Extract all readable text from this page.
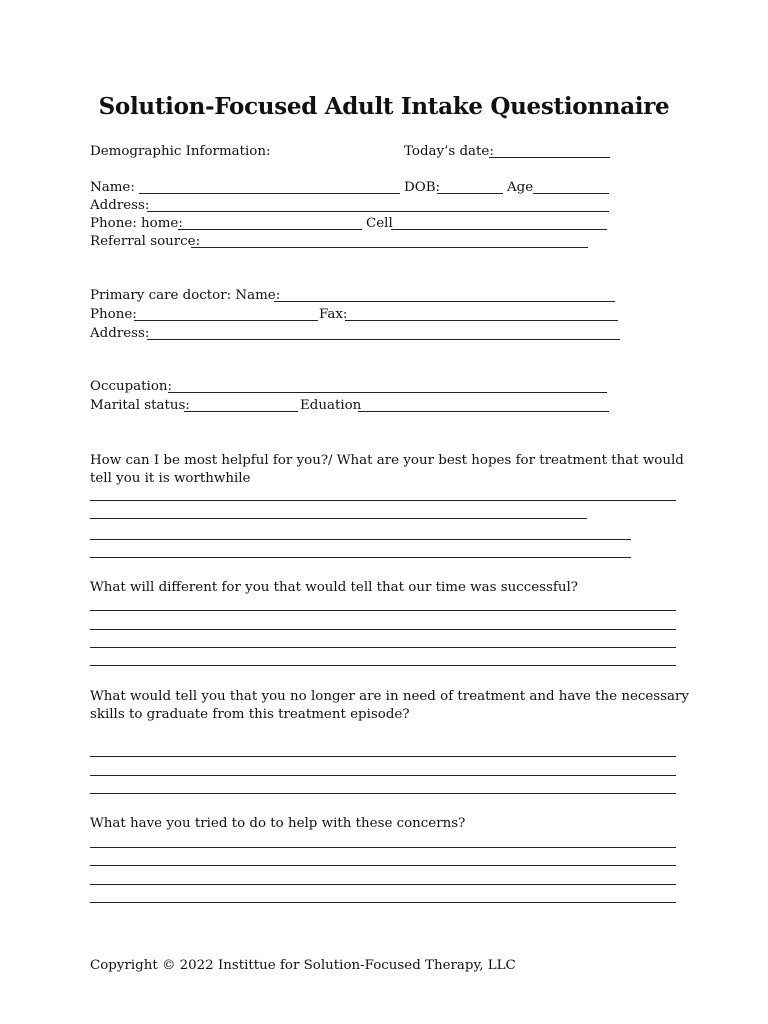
Solution-Focused Adult Intake Questionnaire
Demographic Information:	Today’s date:
Name:	DOB:	Age
Address:
Phone: home:	Cell
Referral source:
Primary care doctor: Name:
Phone:	Fax:
Address:
Occupation:
Marital status:	Eduation
How can I be most helpful for you?/ What are your best hopes for treatment that would tell you it is worthwhile
What will different for you that would tell that our time was successful?
What would tell you that you no longer are in need of treatment and have the necessary skills to graduate from this treatment episode?
What have you tried to do to help with these concerns?
Copyright © 2022 Instittue for Solution-Focused Therapy, LLC
